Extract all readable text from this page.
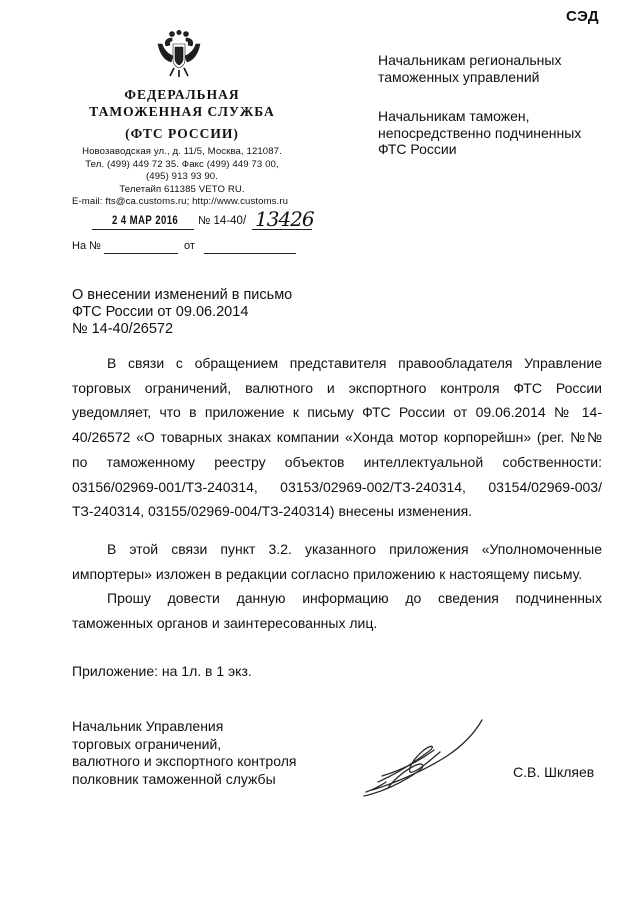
СЭД
ФЕДЕРАЛЬНАЯ
ТАМОЖЕННАЯ СЛУЖБА
(ФТС РОССИИ)
Новозаводская ул., д. 11/5, Москва, 121087.
Тел. (499) 449 72 35. Факс (499) 449 73 00,
(495) 913 93 90.
Телетайп 611385 VETO RU.
E-mail: fts@ca.customs.ru; http://www.customs.ru
2 4 МАР 2016 № 14-40/ 13426
На №	от
Начальникам региональных
таможенных управлений
Начальникам таможен,
непосредственно подчиненных
ФТС России
О внесении изменений в письмо
ФТС России от 09.06.2014
№ 14-40/26572
В связи с обращением представителя правообладателя Управление торговых ограничений, валютного и экспортного контроля ФТС России уведомляет, что в приложение к письму ФТС России от 09.06.2014 № 14-40/26572 «О товарных знаках компании «Хонда мотор корпорейшн» (рег. №№ по таможенному реестру объектов интеллектуальной собственности: 03156/02969-001/ТЗ-240314, 03153/02969-002/ТЗ-240314, 03154/02969-003/ТЗ-240314, 03155/02969-004/ТЗ-240314) внесены изменения.
В этой связи пункт 3.2. указанного приложения «Уполномоченные импортеры» изложен в редакции согласно приложению к настоящему письму.
Прошу довести данную информацию до сведения подчиненных таможенных органов и заинтересованных лиц.
Приложение: на 1л. в 1 экз.
Начальник Управления
торговых ограничений,
валютного и экспортного контроля
полковник таможенной службы	С.В. Шкляев
